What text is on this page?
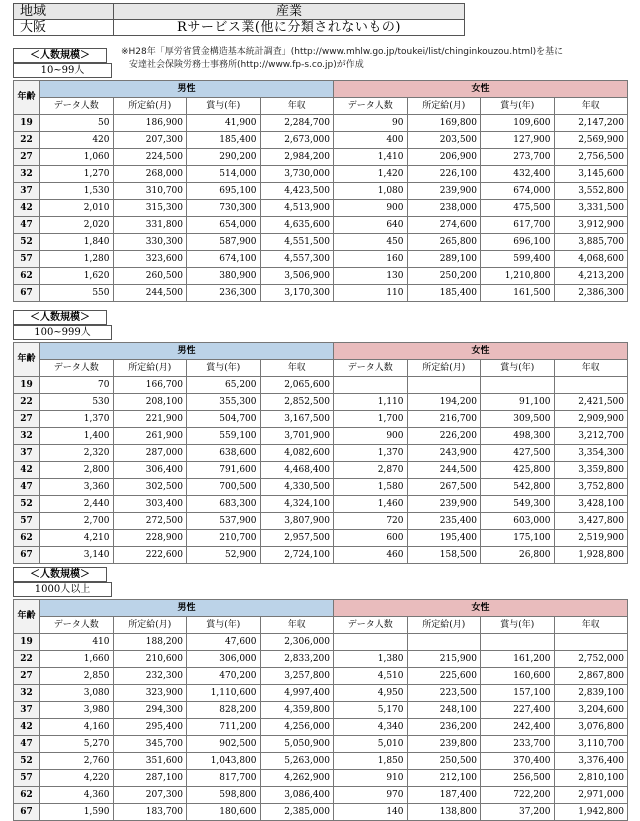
地域	産業
大阪	Rサービス業(他に分類されないもの)
※H28年「厚労省賃金構造基本統計調査」(http://www.mhlw.go.jp/toukei/list/chinginkouzou.html)を基に
安達社会保険労務士事務所(http://www.fp-s.co.jp)が作成
＜人数規模＞
10~99人
年齢	男性				女性			
	データ人数	所定給(月)	賞与(年)	年収	データ人数	所定給(月)	賞与(年)	年収
19	50	186,900	41,900	2,284,700	90	169,800	109,600	2,147,200
22	420	207,300	185,400	2,673,000	400	203,500	127,900	2,569,900
27	1,060	224,500	290,200	2,984,200	1,410	206,900	273,700	2,756,500
32	1,270	268,000	514,000	3,730,000	1,420	226,100	432,400	3,145,600
37	1,530	310,700	695,100	4,423,500	1,080	239,900	674,000	3,552,800
42	2,010	315,300	730,300	4,513,900	900	238,000	475,500	3,331,500
47	2,020	331,800	654,000	4,635,600	640	274,600	617,700	3,912,900
52	1,840	330,300	587,900	4,551,500	450	265,800	696,100	3,885,700
57	1,280	323,600	674,100	4,557,300	160	289,100	599,400	4,068,600
62	1,620	260,500	380,900	3,506,900	130	250,200	1,210,800	4,213,200
67	550	244,500	236,300	3,170,300	110	185,400	161,500	2,386,300
＜人数規模＞
100~999人
年齢	男性				女性			
	データ人数	所定給(月)	賞与(年)	年収	データ人数	所定給(月)	賞与(年)	年収
19	70	166,700	65,200	2,065,600				
22	530	208,100	355,300	2,852,500	1,110	194,200	91,100	2,421,500
27	1,370	221,900	504,700	3,167,500	1,700	216,700	309,500	2,909,900
32	1,400	261,900	559,100	3,701,900	900	226,200	498,300	3,212,700
37	2,320	287,000	638,600	4,082,600	1,370	243,900	427,500	3,354,300
42	2,800	306,400	791,600	4,468,400	2,870	244,500	425,800	3,359,800
47	3,360	302,500	700,500	4,330,500	1,580	267,500	542,800	3,752,800
52	2,440	303,400	683,300	4,324,100	1,460	239,900	549,300	3,428,100
57	2,700	272,500	537,900	3,807,900	720	235,400	603,000	3,427,800
62	4,210	228,900	210,700	2,957,500	600	195,400	175,100	2,519,900
67	3,140	222,600	52,900	2,724,100	460	158,500	26,800	1,928,800
＜人数規模＞
1000人以上
年齢	男性				女性			
	データ人数	所定給(月)	賞与(年)	年収	データ人数	所定給(月)	賞与(年)	年収
19	410	188,200	47,600	2,306,000				
22	1,660	210,600	306,000	2,833,200	1,380	215,900	161,200	2,752,000
27	2,850	232,300	470,200	3,257,800	4,510	225,600	160,600	2,867,800
32	3,080	323,900	1,110,600	4,997,400	4,950	223,500	157,100	2,839,100
37	3,980	294,300	828,200	4,359,800	5,170	248,100	227,400	3,204,600
42	4,160	295,400	711,200	4,256,000	4,340	236,200	242,400	3,076,800
47	5,270	345,700	902,500	5,050,900	5,010	239,800	233,700	3,110,700
52	2,760	351,600	1,043,800	5,263,000	1,850	250,500	370,400	3,376,400
57	4,220	287,100	817,700	4,262,900	910	212,100	256,500	2,810,100
62	4,360	207,300	598,800	3,086,400	970	187,400	722,200	2,971,000
67	1,590	183,700	180,600	2,385,000	140	138,800	37,200	1,942,800
